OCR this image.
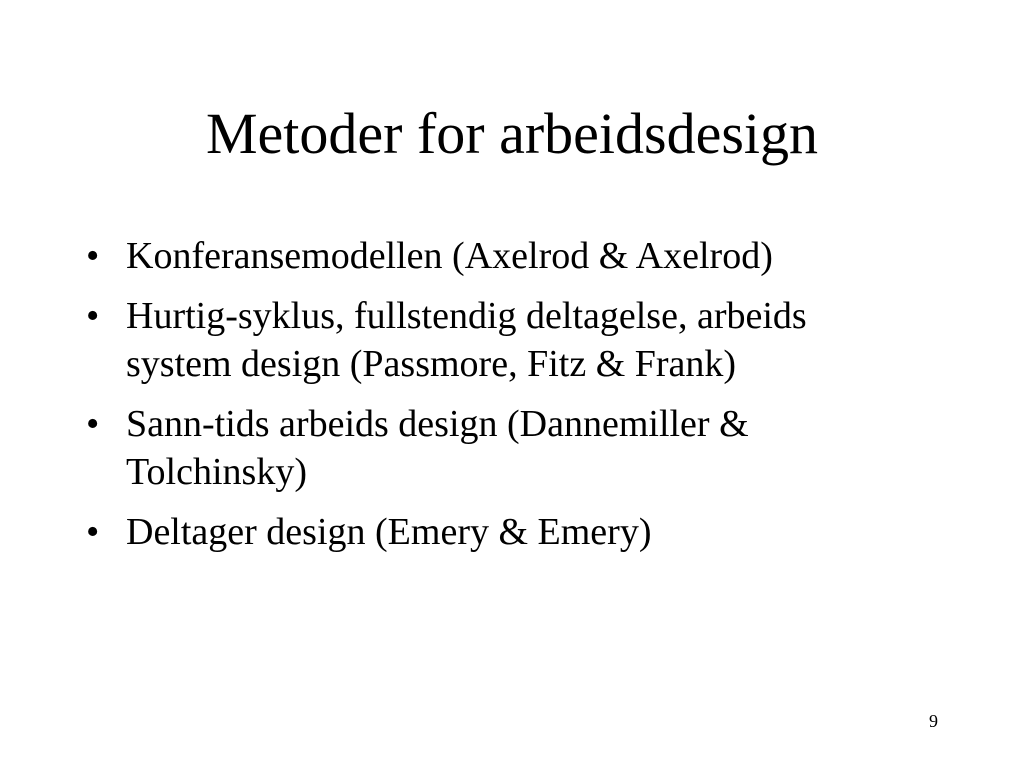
Metoder for arbeidsdesign
• Konferansemodellen (Axelrod & Axelrod)
• Hurtig-syklus, fullstendig deltagelse, arbeids system design (Passmore, Fitz & Frank)
• Sann-tids arbeids design (Dannemiller & Tolchinsky)
• Deltager design (Emery & Emery)
9
